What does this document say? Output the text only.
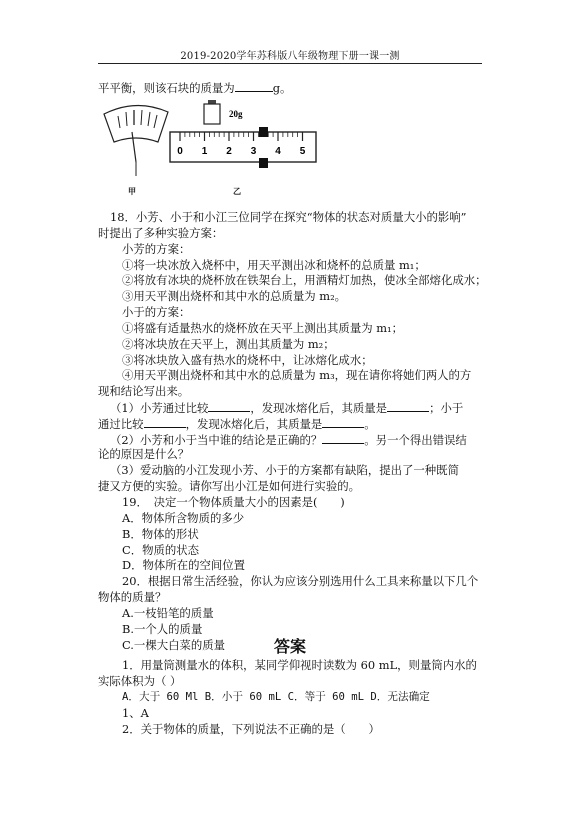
2019-2020学年苏科版八年级物理下册一课一测
平平衡，则该石块的质量为	g。
20g
0 1 2 3 4 5
甲	乙
18．小芳、小于和小江三位同学在探究“物体的状态对质量大小的影响”
时提出了多种实验方案：
小芳的方案：
①将一块冰放入烧杯中，用天平测出冰和烧杯的总质量 m₁；
②将放有冰块的烧杯放在铁架台上，用酒精灯加热，使冰全部熔化成水；
③用天平测出烧杯和其中水的总质量为 m₂。
小于的方案：
①将盛有适量热水的烧杯放在天平上测出其质量为 m₁；
②将冰块放在天平上，测出其质量为 m₂；
③将冰块放入盛有热水的烧杯中，让冰熔化成水；
④用天平测出烧杯和其中水的总质量为 m₃，现在请你将她们两人的方
现和结论写出来。
（1）小芳通过比较	，发现冰熔化后，其质量是	；小于
通过比较	，发现冰熔化后，其质量是	。
（2）小芳和小于当中谁的结论是正确的？	。另一个得出错误结
论的原因是什么？
（3）爱动脑的小江发现小芳、小于的方案都有缺陷，提出了一种既简
捷又方便的实验。请你写出小江是如何进行实验的。
19．　决定一个物体质量大小的因素是(　　)
A．物体所含物质的多少
B．物体的形状
C．物质的状态
D．物体所在的空间位置
20．根据日常生活经验，你认为应该分别选用什么工具来称量以下几个
物体的质量？
A.一枝铅笔的质量
B.一个人的质量
C.一棵大白菜的质量	答案
1．用量筒测量水的体积，某同学仰视时读数为 60 mL，则量筒内水的
实际体积为（ ）
A．大于 60 Ml B．小于 60 mL C．等于 60 mL D．无法确定
1、A
2．关于物体的质量，下列说法不正确的是（　　）
